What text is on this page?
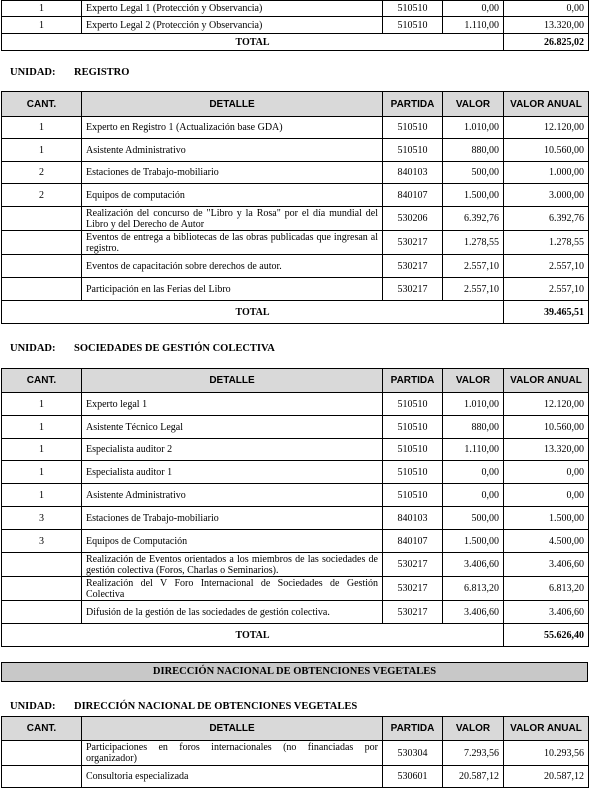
1	Experto Legal 1 (Protección y Observancia)	510510	0,00	0,00
1	Experto Legal 2 (Protección y Observancia)	510510	1.110,00	13.320,00
TOTAL				26.825,02
UNIDAD: REGISTRO
CANT.	DETALLE	PARTIDA	VALOR	VALOR ANUAL
1	Experto en Registro 1 (Actualización base GDA)	510510	1.010,00	12.120,00
1	Asistente Administrativo	510510	880,00	10.560,00
2	Estaciones de Trabajo-mobiliario	840103	500,00	1.000,00
2	Equipos de computación	840107	1.500,00	3.000,00
	Realización del concurso de "Libro y la Rosa" por el día mundial del Libro y del Derecho de Autor	530206	6.392,76	6.392,76
	Eventos de entrega a bibliotecas de las obras publicadas que ingresan al registro.	530217	1.278,55	1.278,55
	Eventos de capacitación sobre derechos de autor.	530217	2.557,10	2.557,10
	Participación en las Ferias del Libro	530217	2.557,10	2.557,10
TOTAL				39.465,51
UNIDAD: SOCIEDADES DE GESTIÓN COLECTIVA
CANT.	DETALLE	PARTIDA	VALOR	VALOR ANUAL
1	Experto legal 1	510510	1.010,00	12.120,00
1	Asistente Técnico Legal	510510	880,00	10.560,00
1	Especialista auditor 2	510510	1.110,00	13.320,00
1	Especialista auditor 1	510510	0,00	0,00
1	Asistente Administrativo	510510	0,00	0,00
3	Estaciones de Trabajo-mobiliario	840103	500,00	1.500,00
3	Equipos de Computación	840107	1.500,00	4.500,00
	Realización de Eventos orientados a los miembros de las sociedades de gestión colectiva (Foros, Charlas o Seminarios).	530217	3.406,60	3.406,60
	Realización del V Foro Internacional de Sociedades de Gestión Colectiva	530217	6.813,20	6.813,20
	Difusión de la gestión de las sociedades de gestión colectiva.	530217	3.406,60	3.406,60
TOTAL				55.626,40
DIRECCIÓN NACIONAL DE OBTENCIONES VEGETALES
UNIDAD: DIRECCIÓN NACIONAL DE OBTENCIONES VEGETALES
CANT.	DETALLE	PARTIDA	VALOR	VALOR ANUAL
	Participaciones en foros internacionales (no financiadas por organizador)	530304	7.293,56	10.293,56
	Consultoria especializada	530601	20.587,12	20.587,12
